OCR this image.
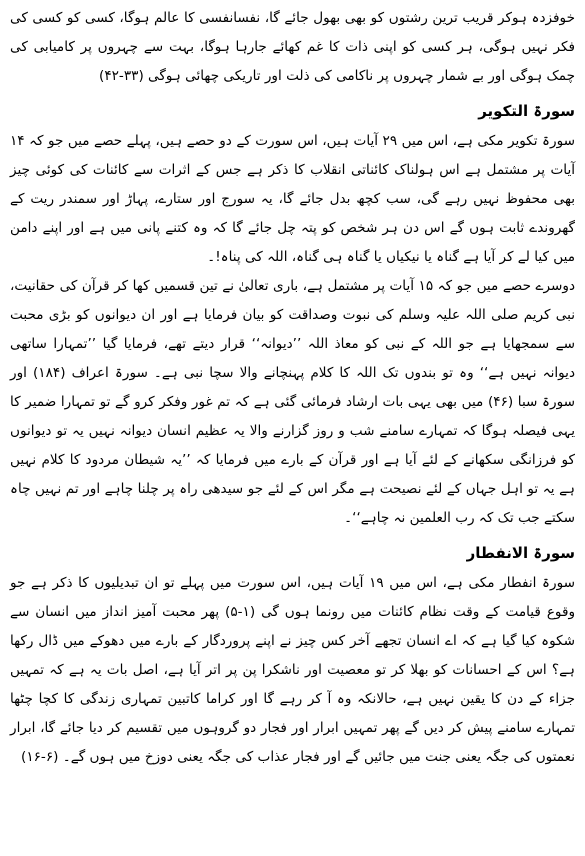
خوفزدہ ہوکر قریب ترین رشتوں کو بھی بھول جائے گا، نفسانفسی کا عالم ہوگا، کسی کو کسی کی فکر نہیں ہوگی، ہر کسی کو اپنی ذات کا غم کھائے جارہا ہوگا، بہت سے چہروں پر کامیابی کی چمک ہوگی اور بے شمار چہروں پر ناکامی کی ذلت اور تاریکی چھائی ہوگی (۳۳-۴۲)

سورۃ التکویر

سورۃ تکویر مکی ہے، اس میں ۲۹ آیات ہیں، اس سورت کے دو حصے ہیں، پہلے حصے میں جو کہ ۱۴ آیات پر مشتمل ہے اس ہولناک کائناتی انقلاب کا ذکر ہے جس کے اثرات سے کائنات کی کوئی چیز بھی محفوظ نہیں رہے گی، سب کچھ بدل جائے گا، یہ سورج اور ستارے، پہاڑ اور سمندر ریت کے گھروندے ثابت ہوں گے اس دن ہر شخص کو پتہ چل جائے گا کہ وہ کتنے پانی میں ہے اور اپنے دامن میں کیا لے کر آیا ہے گناہ یا نیکیاں یا گناہ ہی گناہ، اللہ کی پناہ!۔

دوسرے حصے میں جو کہ ۱۵ آیات پر مشتمل ہے، باری تعالیٰ نے تین قسمیں کھا کر قرآن کی حقانیت، نبی کریم صلی اللہ علیہ وسلم کی نبوت وصداقت کو بیان فرمایا ہے اور ان دیوانوں کو بڑی محبت سے سمجھایا ہے جو اللہ کے نبی کو معاذ اللہ ’’دیوانہ‘‘ قرار دیتے تھے، فرمایا گیا ’’تمہارا ساتھی دیوانہ نہیں ہے‘‘ وہ تو بندوں تک اللہ کا کلام پہنچانے والا سچا نبی ہے۔ سورۃ اعراف (۱۸۴) اور سورۃ سبا (۴۶) میں بھی یہی بات ارشاد فرمائی گئی ہے کہ تم غور وفکر کرو گے تو تمہارا ضمیر کا یہی فیصلہ ہوگا کہ تمہارے سامنے شب و روز گزارنے والا یہ عظیم انسان دیوانہ نہیں یہ تو دیوانوں کو فرزانگی سکھانے کے لئے آیا ہے اور قرآن کے بارے میں فرمایا کہ ’’یہ شیطان مردود کا کلام نہیں ہے یہ تو اہل جہاں کے لئے نصیحت ہے مگر اس کے لئے جو سیدھی راہ پر چلنا چاہے اور تم نہیں چاہ سکتے جب تک کہ رب العلمین نہ چاہے‘‘۔

سورۃ الانفطار

سورۃ انفطار مکی ہے، اس میں ۱۹ آیات ہیں، اس سورت میں پہلے تو ان تبدیلیوں کا ذکر ہے جو وقوع قیامت کے وقت نظام کائنات میں رونما ہوں گی (۱-۵) پھر محبت آمیز انداز میں انسان سے شکوہ کیا گیا ہے کہ اے انسان تجھے آخر کس چیز نے اپنے پروردگار کے بارے میں دھوکے میں ڈال رکھا ہے؟ اس کے احسانات کو بھلا کر تو معصیت اور ناشکرا پن پر اتر آیا ہے، اصل بات یہ ہے کہ تمہیں جزاء کے دن کا یقین نہیں ہے، حالانکہ وہ آ کر رہے گا اور کراما کاتبین تمہاری زندگی کا کچا چٹھا تمہارے سامنے پیش کر دیں گے پھر تمہیں ابرار اور فجار دو گروہوں میں تقسیم کر دیا جائے گا، ابرار نعمتوں کی جگہ یعنی جنت میں جائیں گے اور فجار عذاب کی جگہ یعنی دوزخ میں ہوں گے۔ (۶-۱۶)
